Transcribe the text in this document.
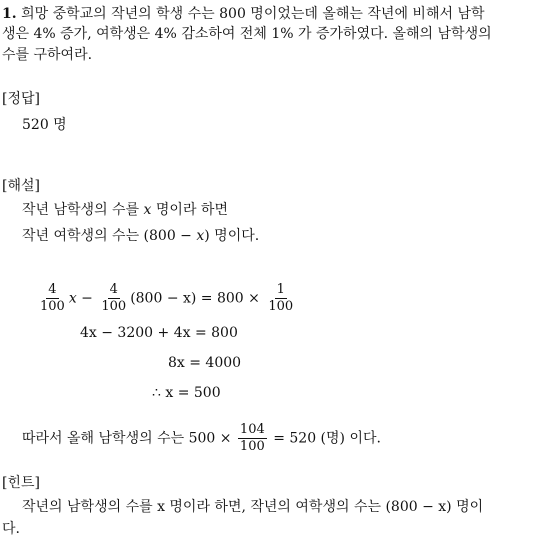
1. 희망 중학교의 작년의 학생 수는 800 명이었는데 올해는 작년에 비해서 남학
생은 4% 증가, 여학생은 4% 감소하여 전체 1% 가 증가하였다. 올해의 남학생의
수를 구하여라.
[정답]
520 명
[해설]
작년 남학생의 수를 x 명이라 하면
작년 여학생의 수는 (800 − x) 명이다.
$\frac{4}{100}$ $x - \frac{4}{100} (800 - x) = 800 \times \frac{1}{100}$
4x − 3200 + 4x = 800
8x = 4000
∴ x = 500
따라서 올해 남학생의 수는 $500 \times \frac{104}{100} = 520$ (명) 이다.
[힌트]
작년의 남학생의 수를 x 명이라 하면, 작년의 여학생의 수는 (800 − x) 명이
다.
